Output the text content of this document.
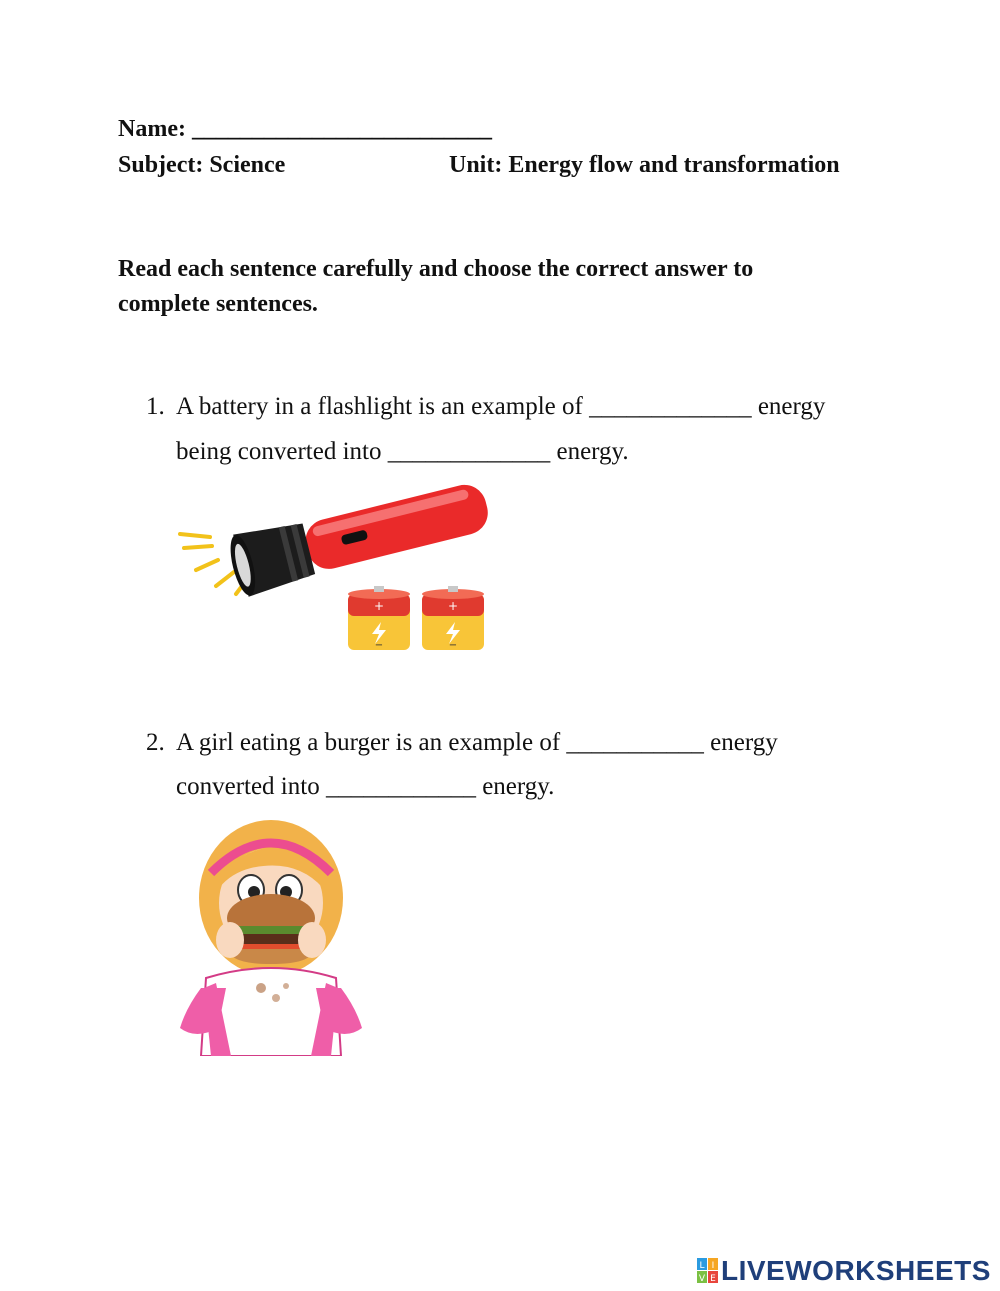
Name: _________________________
Subject: Science	Unit: Energy flow and transformation
Read each sentence carefully and choose the correct answer to
complete sentences.
1. A battery in a flashlight is an example of _____________ energy
being converted into _____________ energy.
+
−
+
−
2. A girl eating a burger is an example of ___________ energy
converted into ____________ energy.
L I
V E LIVEWORKSHEETS
